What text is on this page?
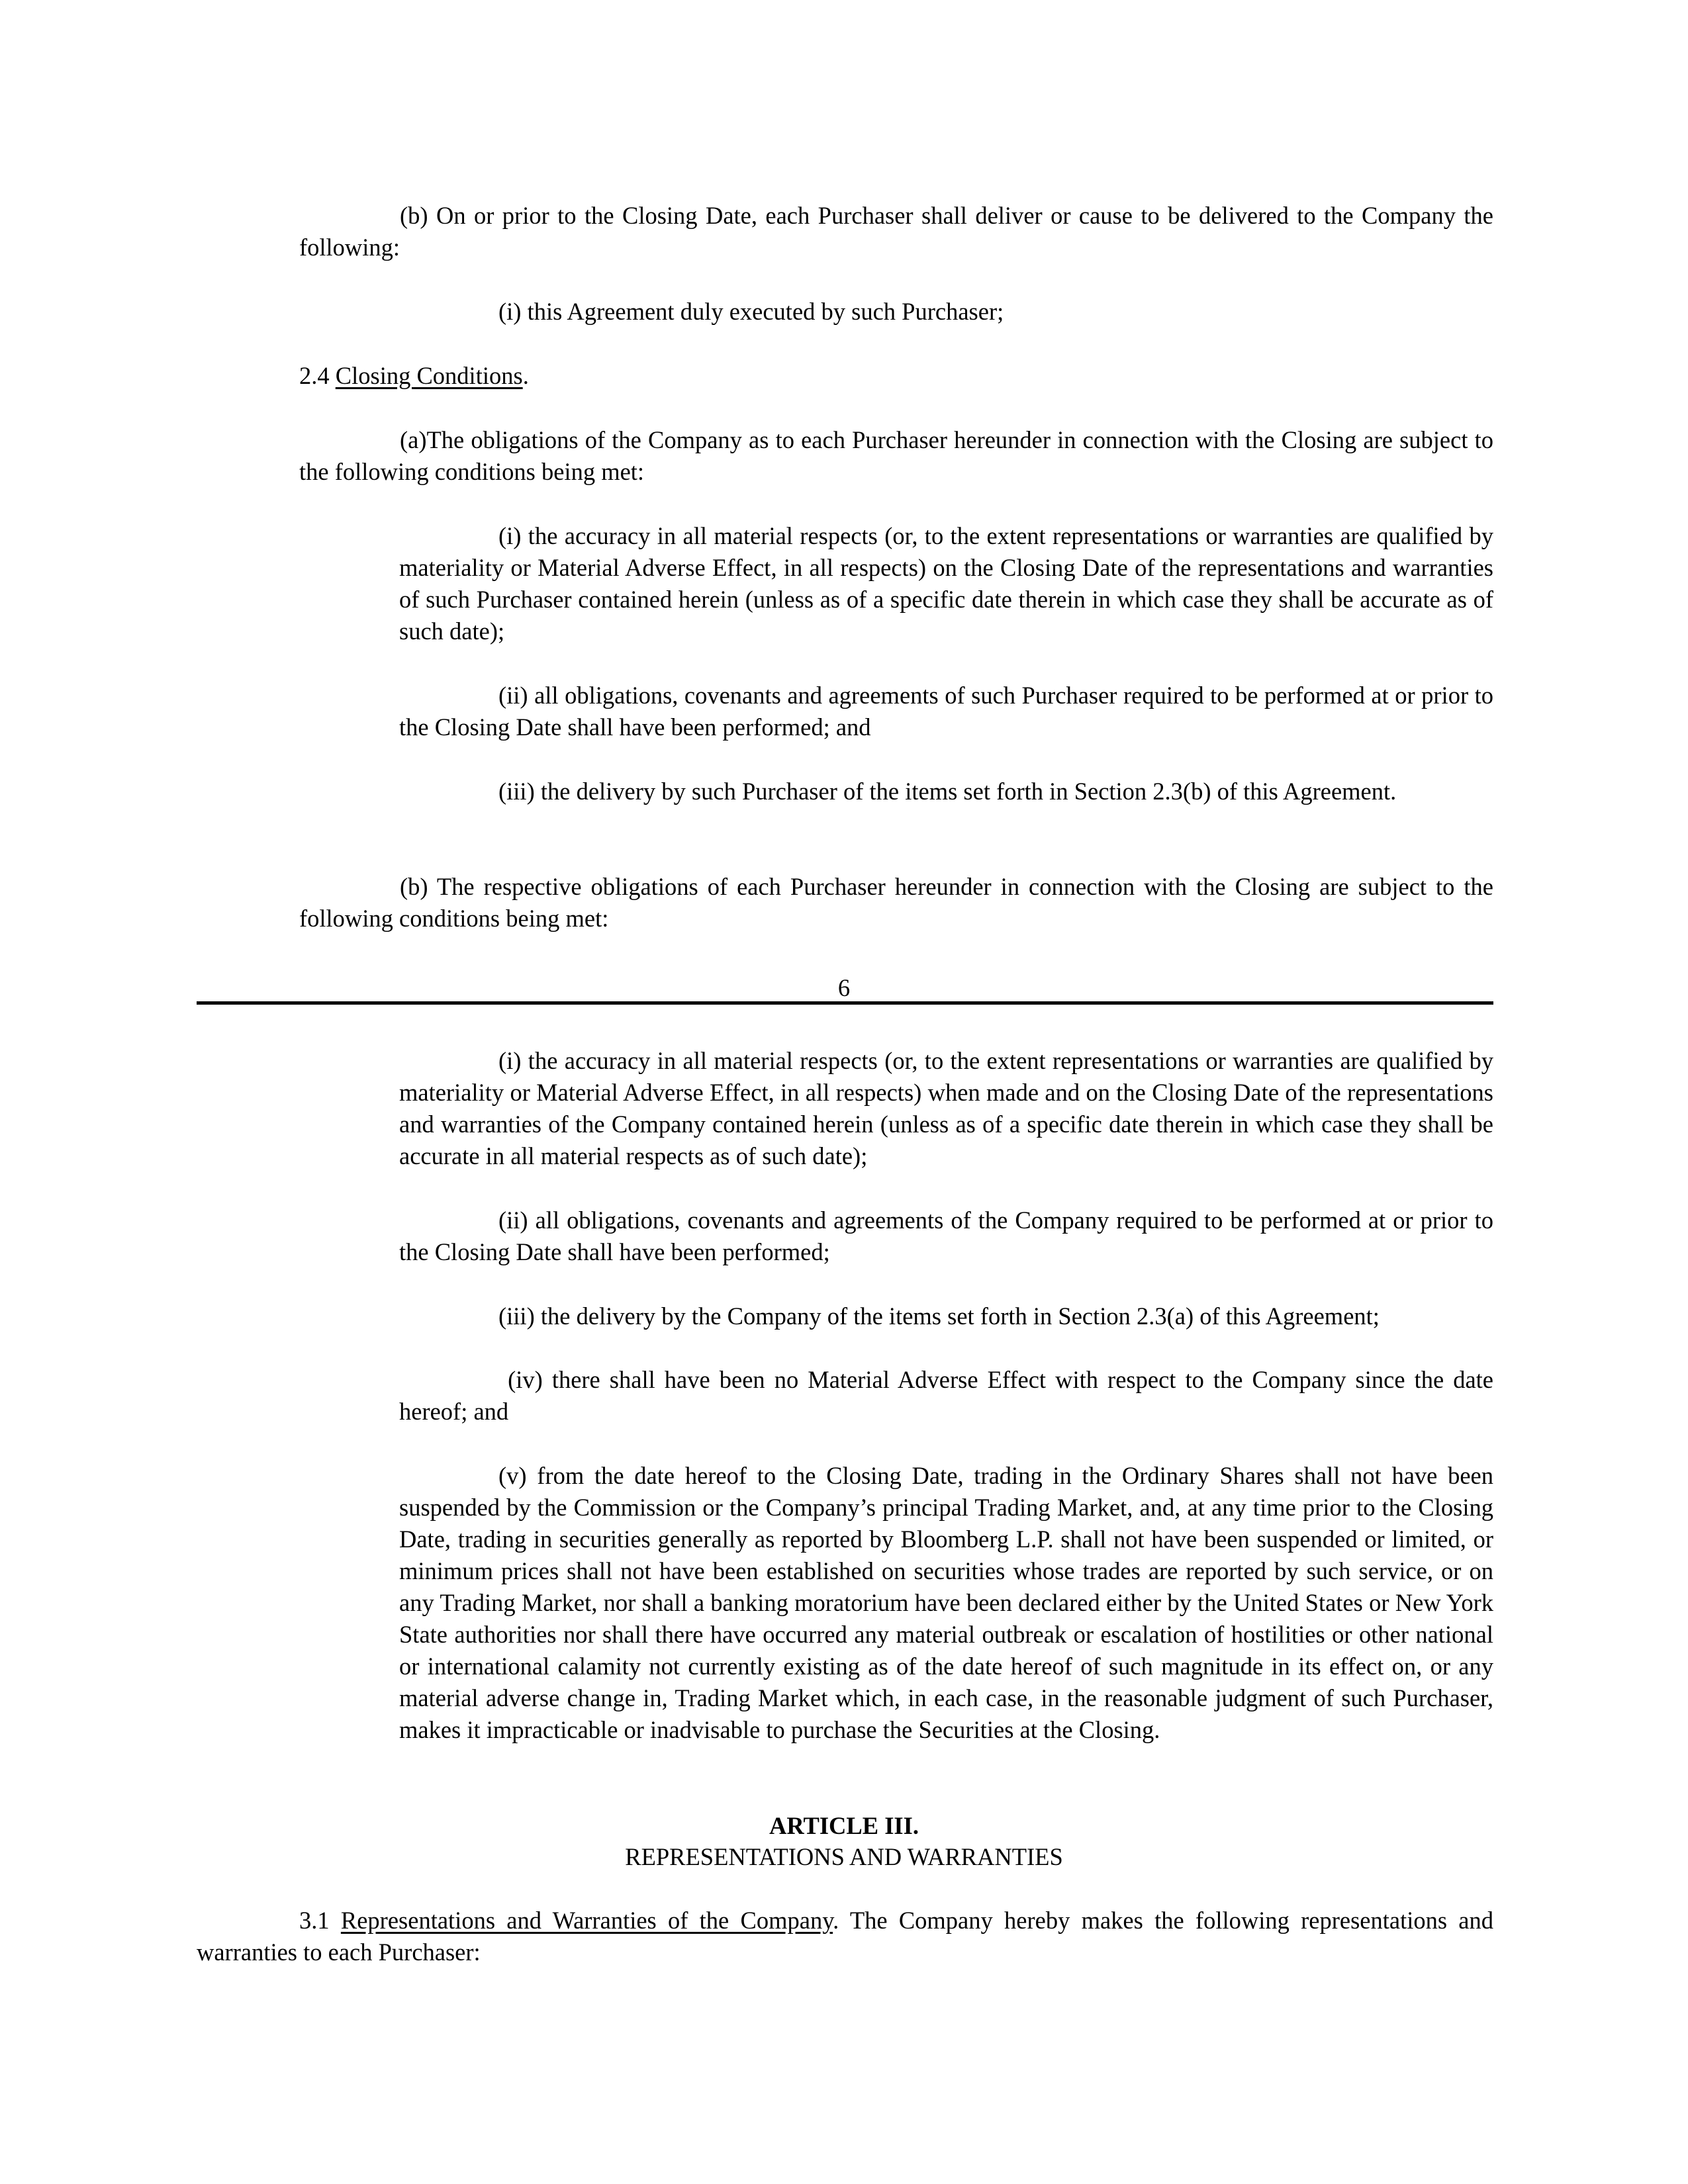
(b) On or prior to the Closing Date, each Purchaser shall deliver or cause to be delivered to the Company the following:

(i) this Agreement duly executed by such Purchaser;

2.4 Closing Conditions.

(a)The obligations of the Company as to each Purchaser hereunder in connection with the Closing are subject to the following conditions being met:

(i) the accuracy in all material respects (or, to the extent representations or warranties are qualified by materiality or Material Adverse Effect, in all respects) on the Closing Date of the representations and warranties of such Purchaser contained herein (unless as of a specific date therein in which case they shall be accurate as of such date);

(ii) all obligations, covenants and agreements of such Purchaser required to be performed at or prior to the Closing Date shall have been performed; and

(iii) the delivery by such Purchaser of the items set forth in Section 2.3(b) of this Agreement.

(b) The respective obligations of each Purchaser hereunder in connection with the Closing are subject to the following conditions being met:

6

(i) the accuracy in all material respects (or, to the extent representations or warranties are qualified by materiality or Material Adverse Effect, in all respects) when made and on the Closing Date of the representations and warranties of the Company contained herein (unless as of a specific date therein in which case they shall be accurate in all material respects as of such date);

(ii) all obligations, covenants and agreements of the Company required to be performed at or prior to the Closing Date shall have been performed;

(iii) the delivery by the Company of the items set forth in Section 2.3(a) of this Agreement;

(iv) there shall have been no Material Adverse Effect with respect to the Company since the date hereof; and

(v) from the date hereof to the Closing Date, trading in the Ordinary Shares shall not have been suspended by the Commission or the Company’s principal Trading Market, and, at any time prior to the Closing Date, trading in securities generally as reported by Bloomberg L.P. shall not have been suspended or limited, or minimum prices shall not have been established on securities whose trades are reported by such service, or on any Trading Market, nor shall a banking moratorium have been declared either by the United States or New York State authorities nor shall there have occurred any material outbreak or escalation of hostilities or other national or international calamity not currently existing as of the date hereof of such magnitude in its effect on, or any material adverse change in, Trading Market which, in each case, in the reasonable judgment of such Purchaser, makes it impracticable or inadvisable to purchase the Securities at the Closing.

ARTICLE III.
REPRESENTATIONS AND WARRANTIES

3.1 Representations and Warranties of the Company. The Company hereby makes the following representations and warranties to each Purchaser:
